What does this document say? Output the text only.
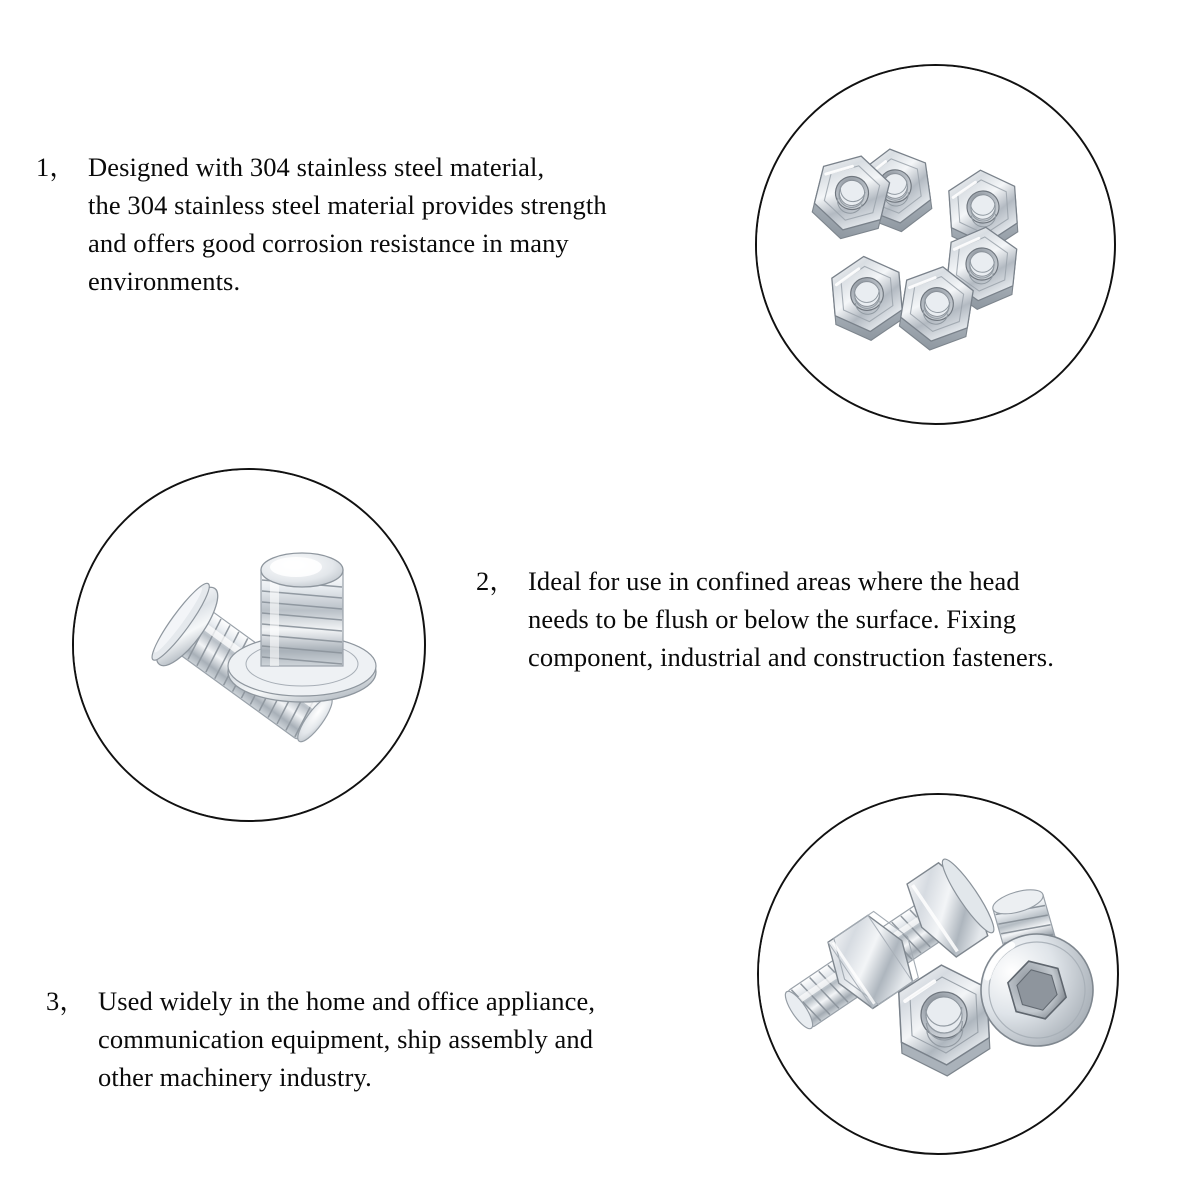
1， Designed with 304 stainless steel material,
the 304 stainless steel material provides strength
and offers good corrosion resistance in many
environments.
2， Ideal for use in confined areas where the head
needs to be flush or below the surface. Fixing
component, industrial and construction fasteners.
3， Used widely in the home and office appliance,
communication equipment, ship assembly and
other machinery industry.
